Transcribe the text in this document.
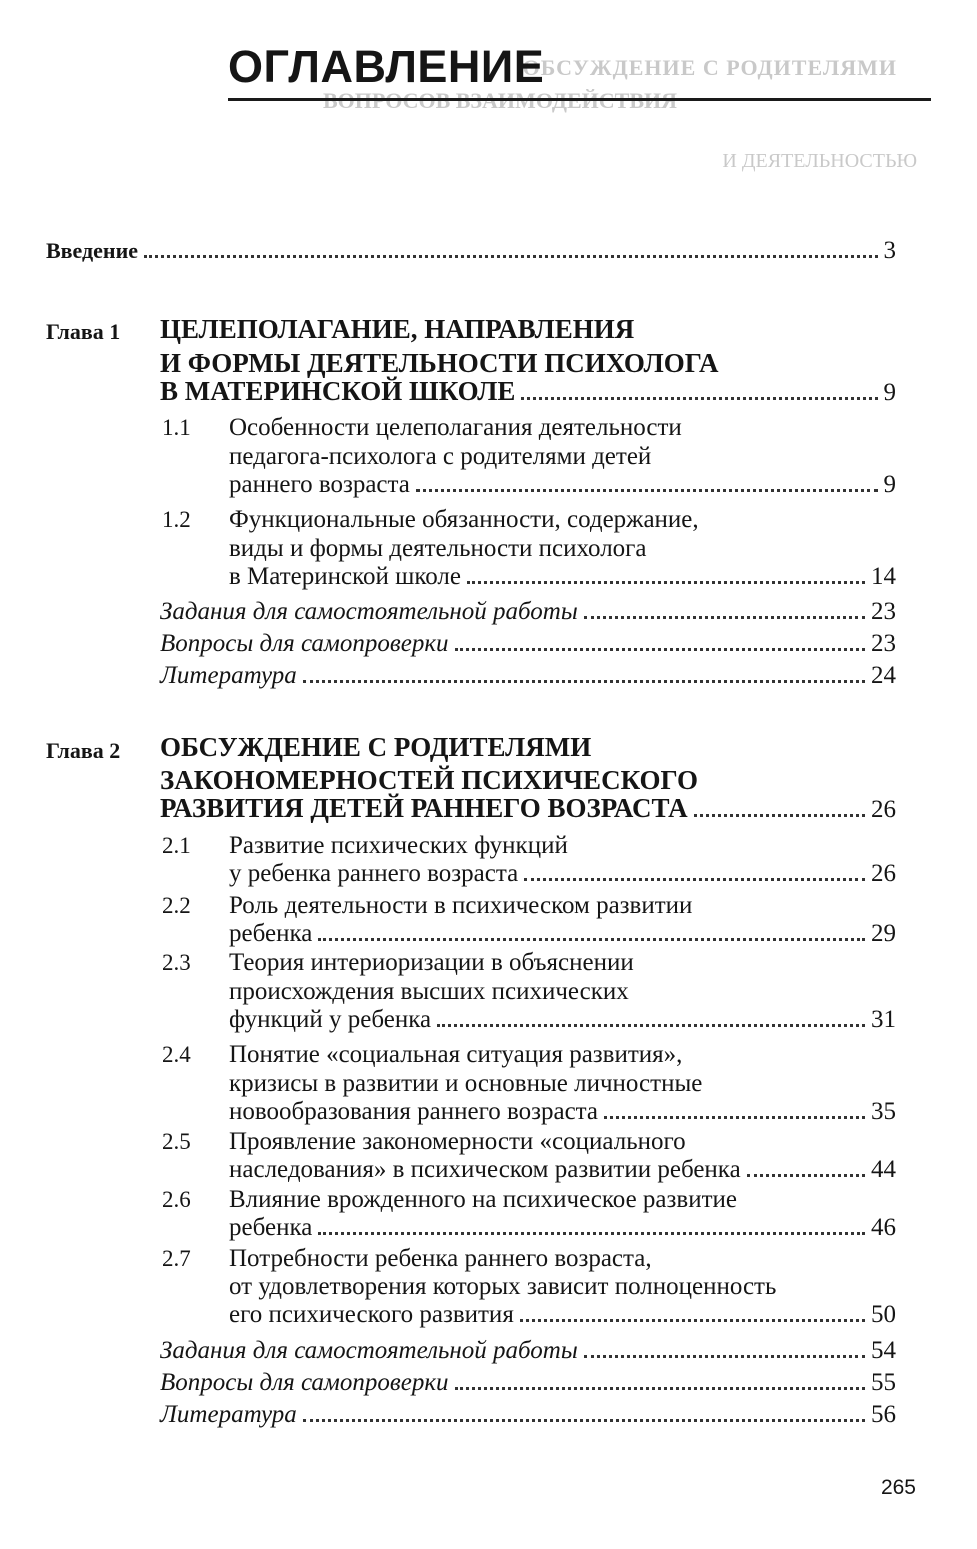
ОБСУЖДЕНИЕ С РОДИТЕЛЯМИ
И ДЕЯТЕЛЬНОСТЬЮ
ОГЛАВЛЕНИЕ
Введение	3
Глава 1 ЦЕЛЕПОЛАГАНИЕ, НАПРАВЛЕНИЯ
И ФОРМЫ ДЕЯТЕЛЬНОСТИ ПСИХОЛОГА
В МАТЕРИНСКОЙ ШКОЛЕ	9
1.1 Особенности целеполагания деятельности
педагога-психолога с родителями детей
раннего возраста	9
1.2 Функциональные обязанности, содержание,
виды и формы деятельности психолога
в Материнской школе	14
Задания для самостоятельной работы	23
Вопросы для самопроверки	23
Литература	24
Глава 2 ОБСУЖДЕНИЕ С РОДИТЕЛЯМИ
ЗАКОНОМЕРНОСТЕЙ ПСИХИЧЕСКОГО
РАЗВИТИЯ ДЕТЕЙ РАННЕГО ВОЗРАСТА	26
2.1 Развитие психических функций
у ребенка раннего возраста	26
2.2 Роль деятельности в психическом развитии
ребенка	29
2.3 Теория интериоризации в объяснении
происхождения высших психических
функций у ребенка	31
2.4 Понятие «социальная ситуация развития»,
кризисы в развитии и основные личностные
новообразования раннего возраста	35
2.5 Проявление закономерности «социального
наследования» в психическом развитии ребенка	44
2.6 Влияние врожденного на психическое развитие
ребенка	46
2.7 Потребности ребенка раннего возраста,
от удовлетворения которых зависит полноценность
его психического развития	50
Задания для самостоятельной работы	54
Вопросы для самопроверки	55
Литература	56
265
